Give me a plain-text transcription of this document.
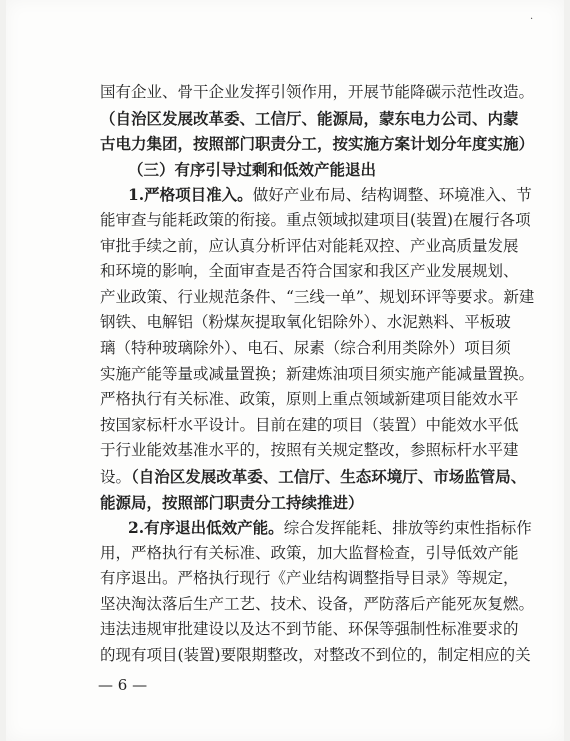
·
国有企业、骨干企业发挥引领作用，开展节能降碳示范性改造。
（自治区发展改革委、工信厅、能源局，蒙东电力公司、内蒙
古电力集团，按照部门职责分工，按实施方案计划分年度实施）
（三）有序引导过剩和低效产能退出
1.严格项目准入。做好产业布局、结构调整、环境准入、节
能审查与能耗政策的衔接。重点领域拟建项目(装置)在履行各项
审批手续之前，应认真分析评估对能耗双控、产业高质量发展
和环境的影响，全面审查是否符合国家和我区产业发展规划、
产业政策、行业规范条件、“三线一单”、规划环评等要求。新建
钢铁、电解铝（粉煤灰提取氧化铝除外）、水泥熟料、平板玻
璃（特种玻璃除外）、电石、尿素（综合利用类除外）项目须
实施产能等量或减量置换；新建炼油项目须实施产能减量置换。
严格执行有关标准、政策，原则上重点领域新建项目能效水平
按国家标杆水平设计。目前在建的项目（装置）中能效水平低
于行业能效基准水平的，按照有关规定整改，参照标杆水平建
设。（自治区发展改革委、工信厅、生态环境厅、市场监管局、
能源局，按照部门职责分工持续推进）
2.有序退出低效产能。综合发挥能耗、排放等约束性指标作
用，严格执行有关标准、政策，加大监督检查，引导低效产能
有序退出。严格执行现行《产业结构调整指导目录》等规定，
坚决淘汰落后生产工艺、技术、设备，严防落后产能死灰复燃。
违法违规审批建设以及达不到节能、环保等强制性标准要求的
的现有项目(装置)要限期整改，对整改不到位的，制定相应的关
— 6 —
